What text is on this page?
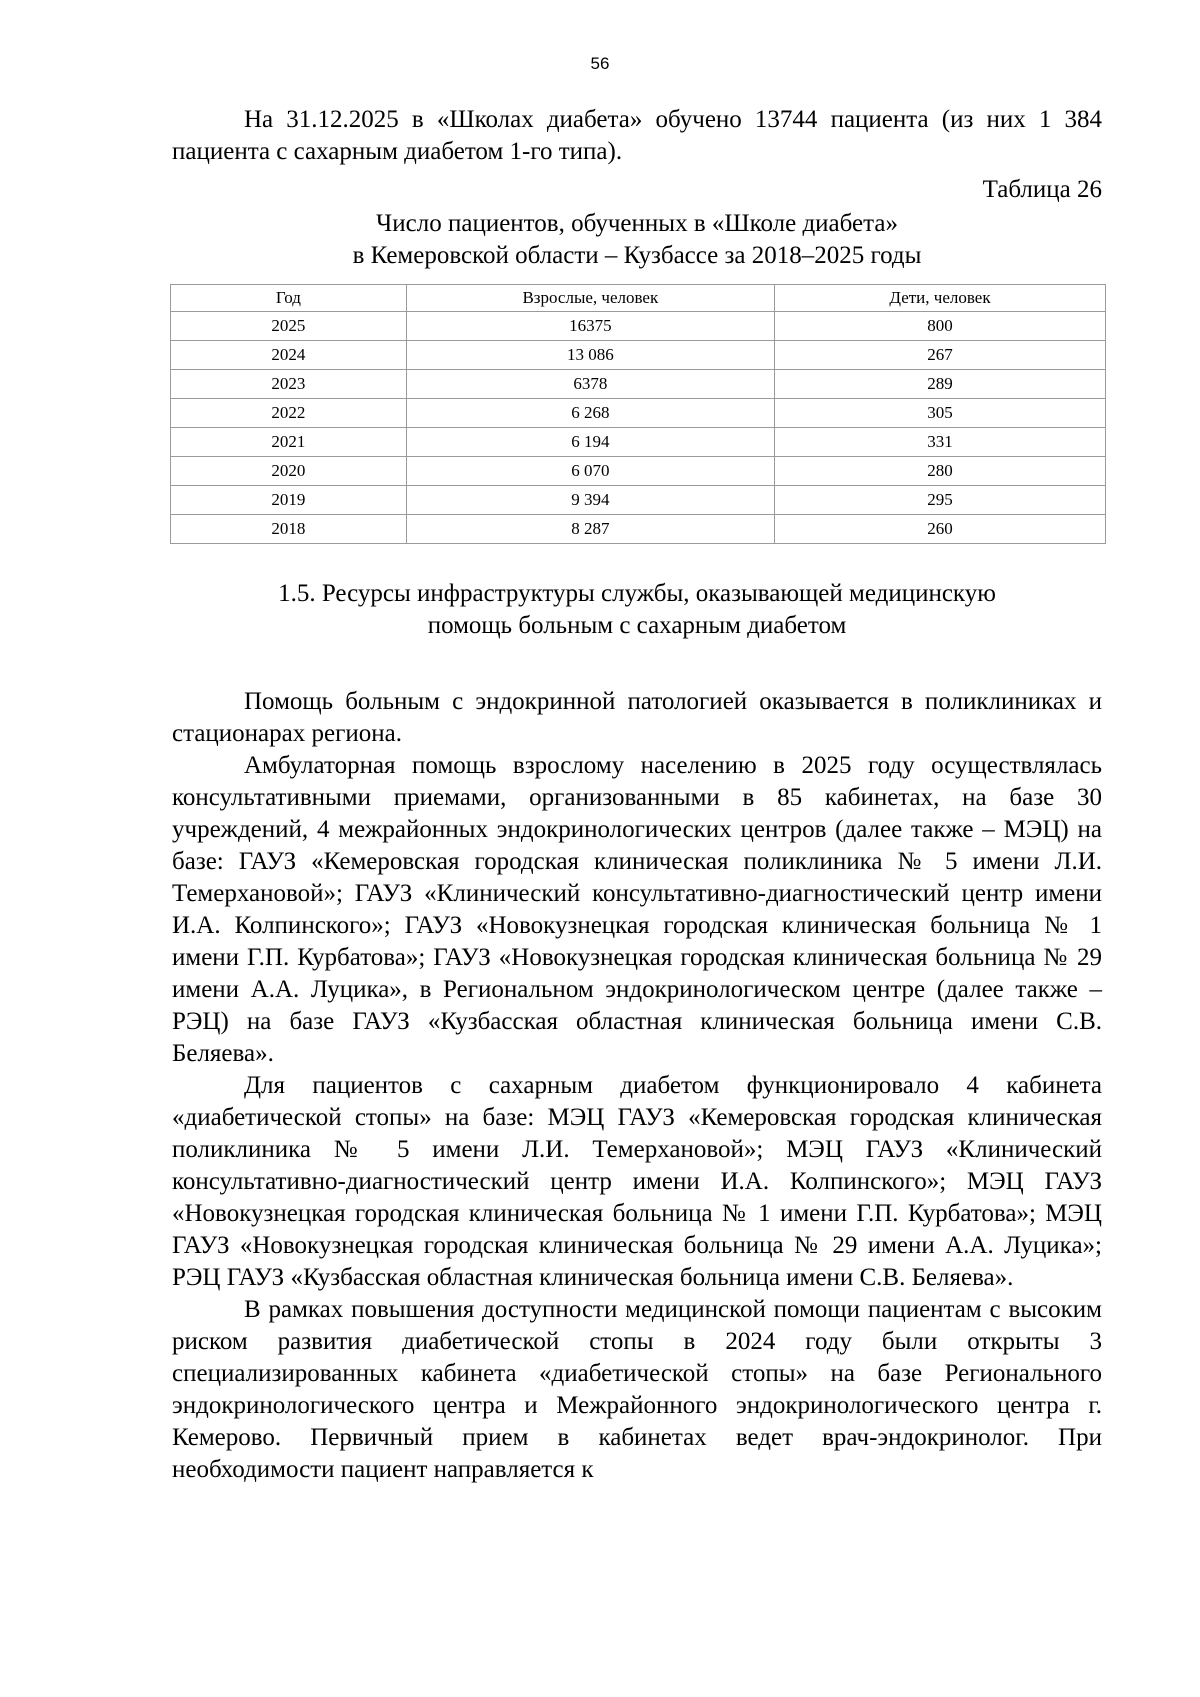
56

На 31.12.2025 в «Школах диабета» обучено 13744 пациента (из них 1 384 пациента с сахарным диабетом 1-го типа).

Таблица 26
Число пациентов, обученных в «Школе диабета»
в Кемеровской области – Кузбассе за 2018–2025 годы
Год	Взрослые, человек	Дети, человек
2025	16375	800
2024	13 086	267
2023	6378	289
2022	6 268	305
2021	6 194	331
2020	6 070	280
2019	9 394	295
2018	8 287	260
1.5. Ресурсы инфраструктуры службы, оказывающей медицинскую
помощь больным с сахарным диабетом

Помощь больным с эндокринной патологией оказывается в поликлиниках и стационарах региона.

Амбулаторная помощь взрослому населению в 2025 году осуществлялась консультативными приемами, организованными в 85 кабинетах, на базе 30 учреждений, 4 межрайонных эндокринологических центров (далее также – МЭЦ) на базе: ГАУЗ «Кемеровская городская клиническая поликлиника № 5 имени Л.И. Темерхановой»; ГАУЗ «Клинический консультативно-диагностический центр имени И.А. Колпинского»; ГАУЗ «Новокузнецкая городская клиническая больница № 1 имени Г.П. Курбатова»; ГАУЗ «Новокузнецкая городская клиническая больница № 29 имени А.А. Луцика», в Региональном эндокринологическом центре (далее также – РЭЦ) на базе ГАУЗ «Кузбасская областная клиническая больница имени С.В. Беляева».

Для пациентов с сахарным диабетом функционировало 4 кабинета «диабетической стопы» на базе: МЭЦ ГАУЗ «Кемеровская городская клиническая поликлиника № 5 имени Л.И. Темерхановой»; МЭЦ ГАУЗ «Клинический консультативно-диагностический центр имени И.А. Колпинского»; МЭЦ ГАУЗ «Новокузнецкая городская клиническая больница № 1 имени Г.П. Курбатова»; МЭЦ ГАУЗ «Новокузнецкая городская клиническая больница № 29 имени А.А. Луцика»; РЭЦ ГАУЗ «Кузбасская областная клиническая больница имени С.В. Беляева».

В рамках повышения доступности медицинской помощи пациентам с высоким риском развития диабетической стопы в 2024 году были открыты 3 специализированных кабинета «диабетической стопы» на базе Регионального эндокринологического центра и Межрайонного эндокринологического центра г. Кемерово. Первичный прием в кабинетах ведет врач-эндокринолог. При необходимости пациент направляется к
